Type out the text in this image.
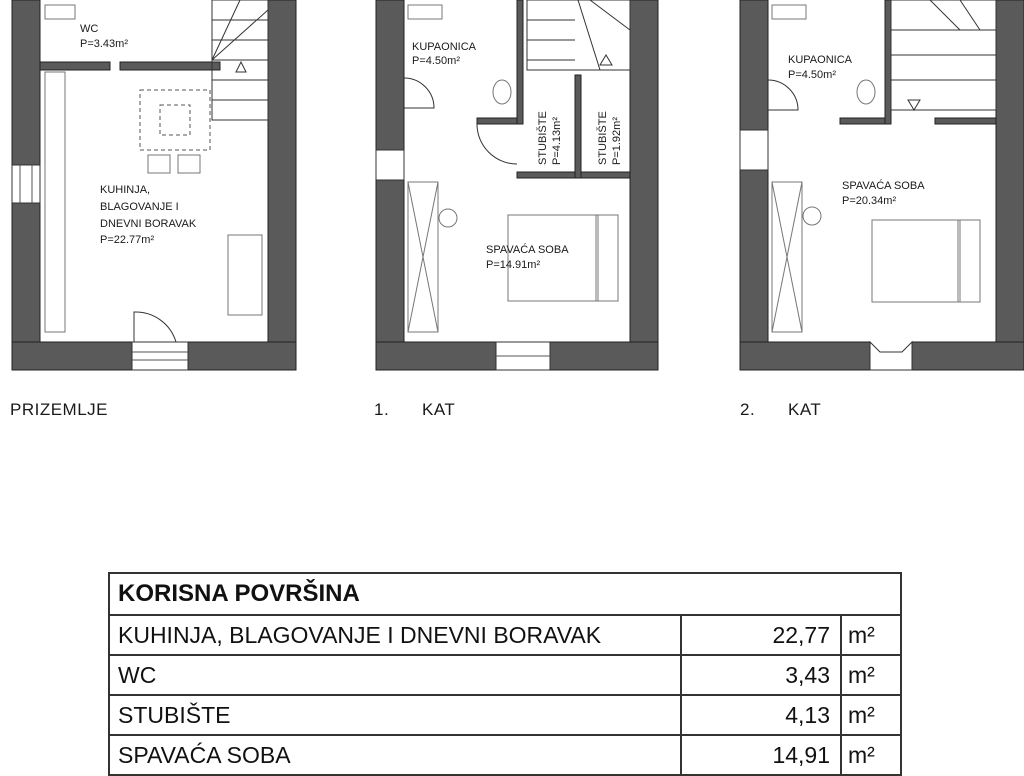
WC
P=3.43m²
KUHINJA,
BLAGOVANJE I
DNEVNI BORAVAK
P=22.77m²
KUPAONICA
P=4.50m²
STUBIŠTE P=4.13m²	STUBIŠTE P=1.92m²
SPAVAĆA SOBA
P=14.91m²
KUPAONICA
P=4.50m²
SPAVAĆA SOBA
P=20.34m²
PRIZEMLJE	1. KAT	2. KAT
KORISNA POVRŠINA		
KUHINJA, BLAGOVANJE I DNEVNI BORAVAK	22,77	m²
WC	3,43	m²
STUBIŠTE	4,13	m²
SPAVAĆA SOBA	14,91	m²
